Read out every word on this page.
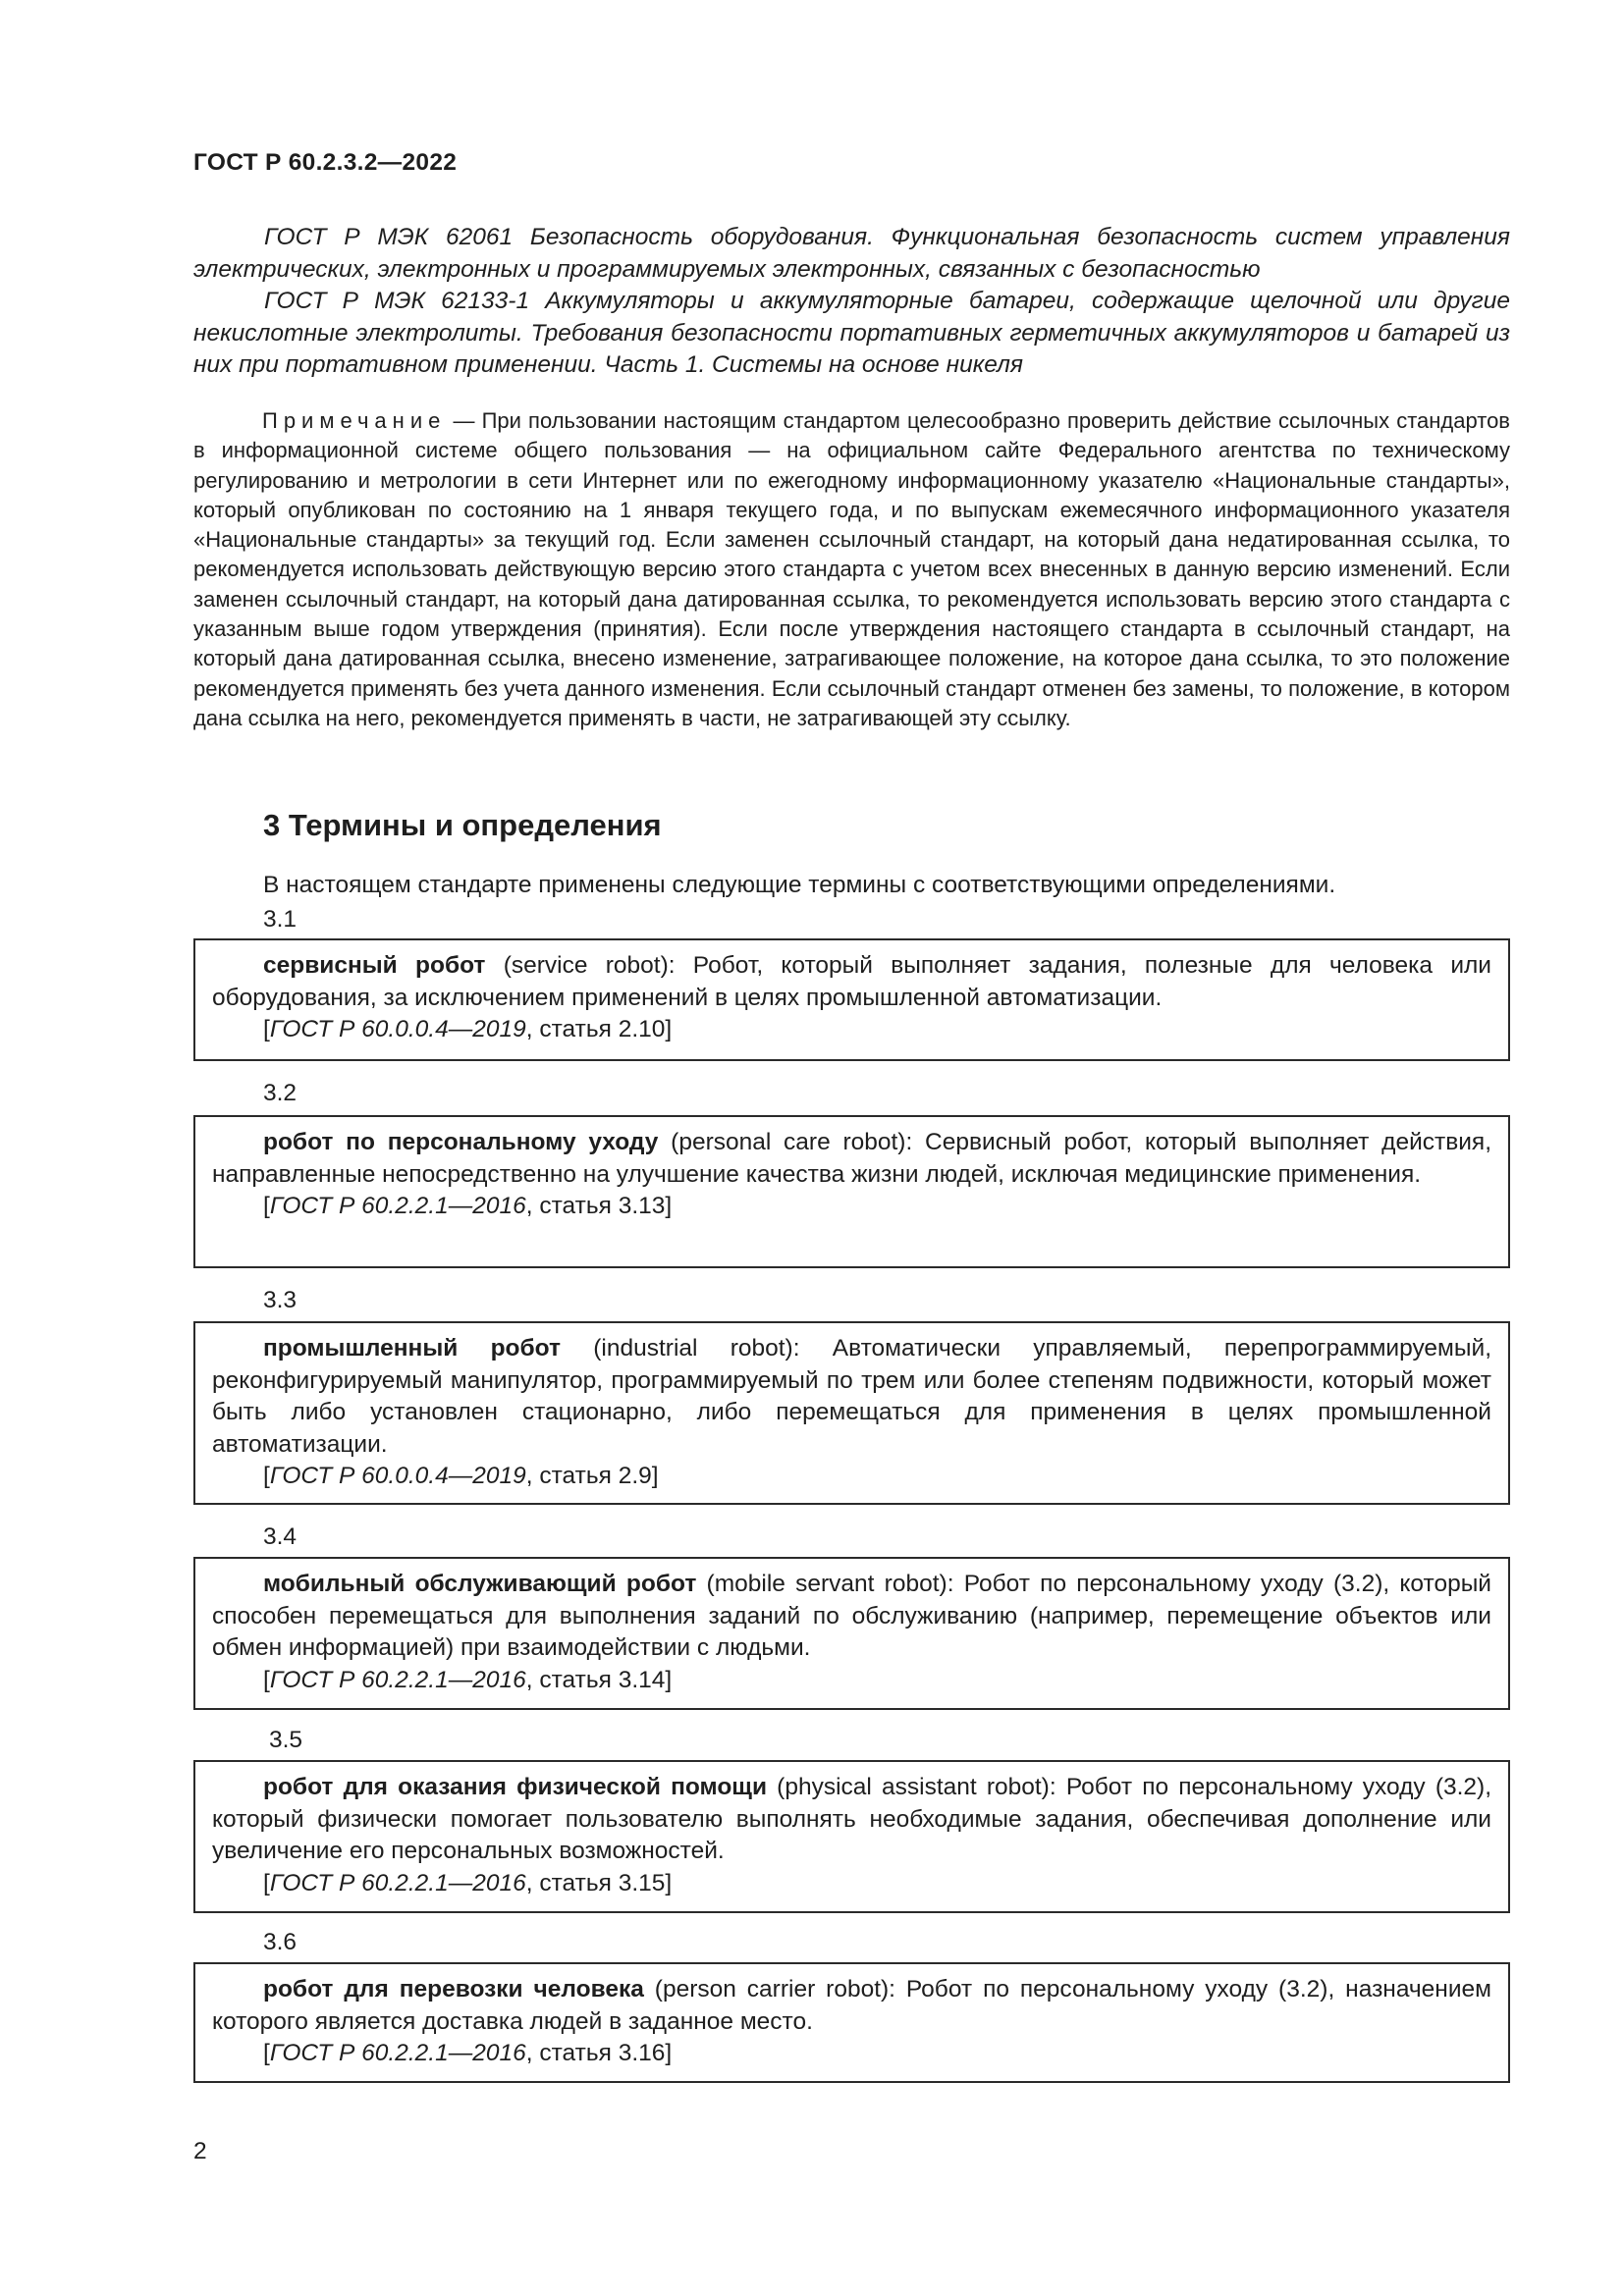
ГОСТ Р 60.2.3.2—2022

ГОСТ Р МЭК 62061 Безопасность оборудования. Функциональная безопасность систем управления электрических, электронных и программируемых электронных, связанных с безопасностью

ГОСТ Р МЭК 62133-1 Аккумуляторы и аккумуляторные батареи, содержащие щелочной или другие некислотные электролиты. Требования безопасности портативных герметичных аккумуляторов и батарей из них при портативном применении. Часть 1. Системы на основе никеля

Примечание — При пользовании настоящим стандартом целесообразно проверить действие ссылочных стандартов в информационной системе общего пользования — на официальном сайте Федерального агентства по техническому регулированию и метрологии в сети Интернет или по ежегодному информационному указателю «Национальные стандарты», который опубликован по состоянию на 1 января текущего года, и по выпускам ежемесячного информационного указателя «Национальные стандарты» за текущий год. Если заменен ссылочный стандарт, на который дана недатированная ссылка, то рекомендуется использовать действующую версию этого стандарта с учетом всех внесенных в данную версию изменений. Если заменен ссылочный стандарт, на который дана датированная ссылка, то рекомендуется использовать версию этого стандарта с указанным выше годом утверждения (принятия). Если после утверждения настоящего стандарта в ссылочный стандарт, на который дана датированная ссылка, внесено изменение, затрагивающее положение, на которое дана ссылка, то это положение рекомендуется применять без учета данного изменения. Если ссылочный стандарт отменен без замены, то положение, в котором дана ссылка на него, рекомендуется применять в части, не затрагивающей эту ссылку.

3 Термины и определения

В настоящем стандарте применены следующие термины с соответствующими определениями.

3.1

сервисный робот (service robot): Робот, который выполняет задания, полезные для человека или оборудования, за исключением применений в целях промышленной автоматизации.

[ГОСТ Р 60.0.0.4—2019, статья 2.10]

3.2

робот по персональному уходу (personal care robot): Сервисный робот, который выполняет действия, направленные непосредственно на улучшение качества жизни людей, исключая медицинские применения.

[ГОСТ Р 60.2.2.1—2016, статья 3.13]

3.3

промышленный робот (industrial robot): Автоматически управляемый, перепрограммируемый, реконфигурируемый манипулятор, программируемый по трем или более степеням подвижности, который может быть либо установлен стационарно, либо перемещаться для применения в целях промышленной автоматизации.

[ГОСТ Р 60.0.0.4—2019, статья 2.9]

3.4

мобильный обслуживающий робот (mobile servant robot): Робот по персональному уходу (3.2), который способен перемещаться для выполнения заданий по обслуживанию (например, перемещение объектов или обмен информацией) при взаимодействии с людьми.

[ГОСТ Р 60.2.2.1—2016, статья 3.14]

3.5

робот для оказания физической помощи (physical assistant robot): Робот по персональному уходу (3.2), который физически помогает пользователю выполнять необходимые задания, обеспечивая дополнение или увеличение его персональных возможностей.

[ГОСТ Р 60.2.2.1—2016, статья 3.15]

3.6

робот для перевозки человека (person carrier robot): Робот по персональному уходу (3.2), назначением которого является доставка людей в заданное место.

[ГОСТ Р 60.2.2.1—2016, статья 3.16]
2
